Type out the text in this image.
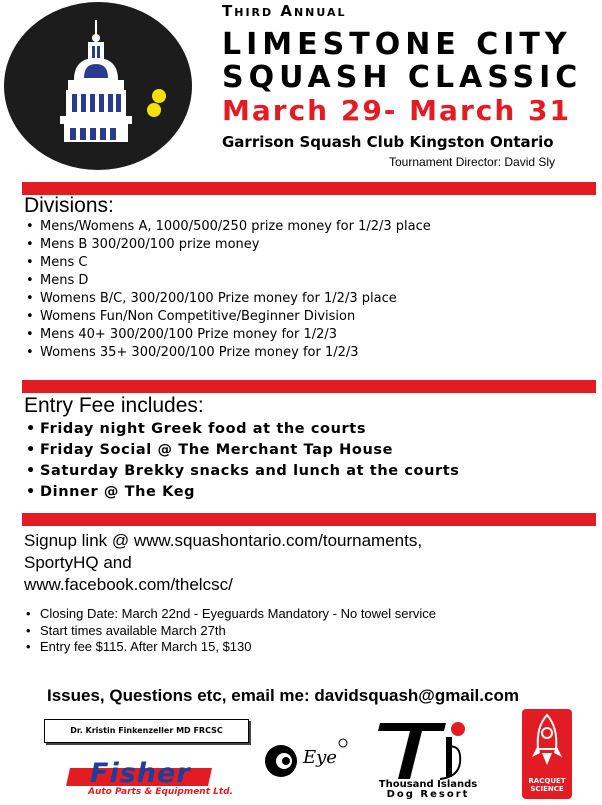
Third Annual
LIMESTONE CITY
SQUASH CLASSIC
March 29- March 31
Garrison Squash Club Kingston Ontario
Tournament Director: David Sly
Divisions:
• Mens/Womens A, 1000/500/250 prize money for 1/2/3 place
• Mens B 300/200/100 prize money
• Mens C
• Mens D
• Womens B/C, 300/200/100 Prize money for 1/2/3 place
• Womens Fun/Non Competitive/Beginner Division
• Mens 40+ 300/200/100 Prize money for 1/2/3
• Womens 35+ 300/200/100 Prize money for 1/2/3
Entry Fee includes:
• Friday night Greek food at the courts
• Friday Social @ The Merchant Tap House
• Saturday Brekky snacks and lunch at the courts
• Dinner @ The Keg
Signup link @ www.squashontario.com/tournaments,
SportyHQ and
www.facebook.com/thelcsc/
• Closing Date: March 22nd - Eyeguards Mandatory - No towel service
• Start times available March 27th
• Entry fee $115. After March 15, $130
Issues, Questions etc, email me: davidsquash@gmail.com
Dr. Kristin Finkenzeller MD FRCSC
Fisher
Auto Parts & Equipment Ltd.
Eye
Thousand Islands
Dog Resort
RACQUET
SCIENCE
